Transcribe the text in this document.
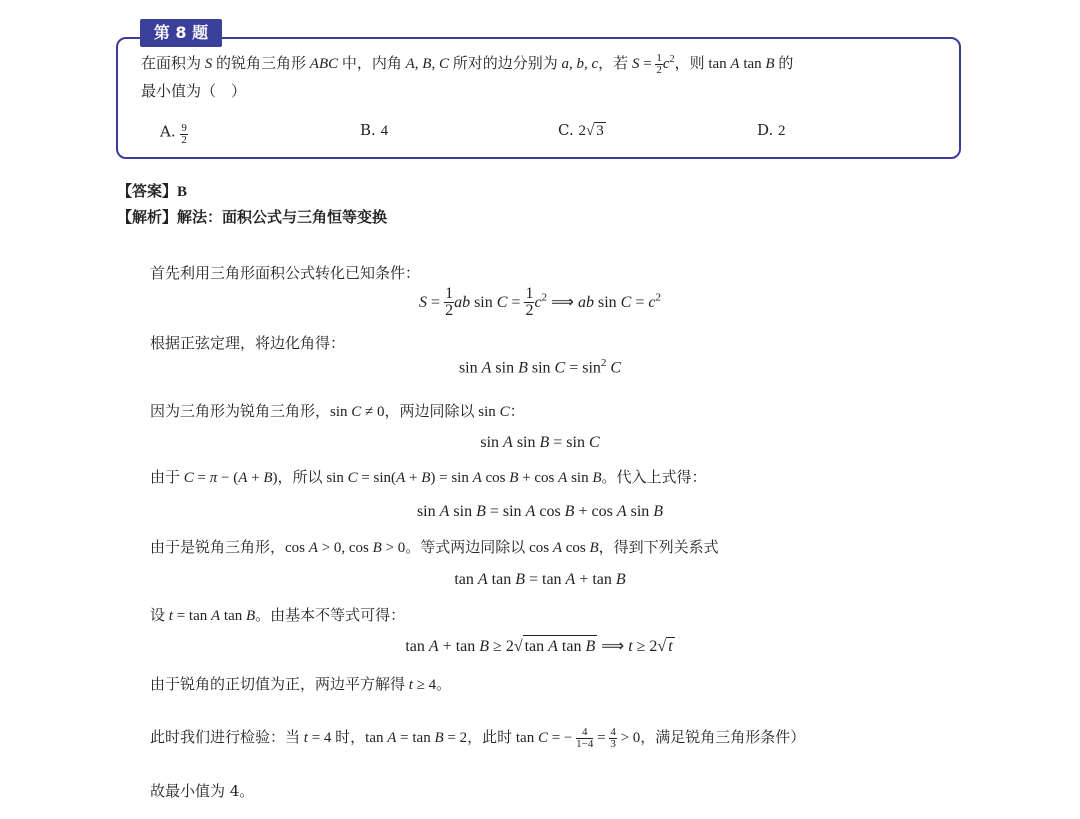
第 8 题
在面积为 S 的锐角三角形 ABC 中，内角 A, B, C 所对的边分别为 a, b, c，若 $S = \frac{1}{2} c^2$，则 tan A tan B 的
最小值为（　）
A. $\frac{9}{2}$	B. 4	C. 2√ 3	D. 2
【答案】B
【解析】解法：面积公式与三角恒等变换
首先利用三角形面积公式转化已知条件：
$S = \frac{1}{2}$ ab $\sin C = \frac{1}{2} c^2$ ⟹ ab $\sin C = c^2$
根据正弦定理，将边化角得：
sin A sin B $\sin C = \sin^2 C$
因为三角形为锐角三角形，sin C ≠ 0，两边同除以 sin C：
sin A sin B = sin C
由于 C = π − (A + B)，所以 sin C = sin(A + B) = sin A cos B + cos A sin B。代入上式得：
sin A sin B = sin A cos B + cos A sin B
由于是锐角三角形，cos A > 0, cos B > 0。等式两边同除以 cos A cos B，得到下列关系式
tan A tan B = tan A + tan B
设 t = tan A tan B。由基本不等式可得：
tan A + tan B ≥ 2√ tan A tan B ⟹ t ≥ 2√ t
由于锐角的正切值为正，两边平方解得 t ≥ 4。
此时我们进行检验：当 t = 4 时，tan A = tan B = 2，此时 tan C = − $\frac{4}{1-4} = \frac{4}{3} > 0$，满足锐角三角形条件）
故最小值为 4。
